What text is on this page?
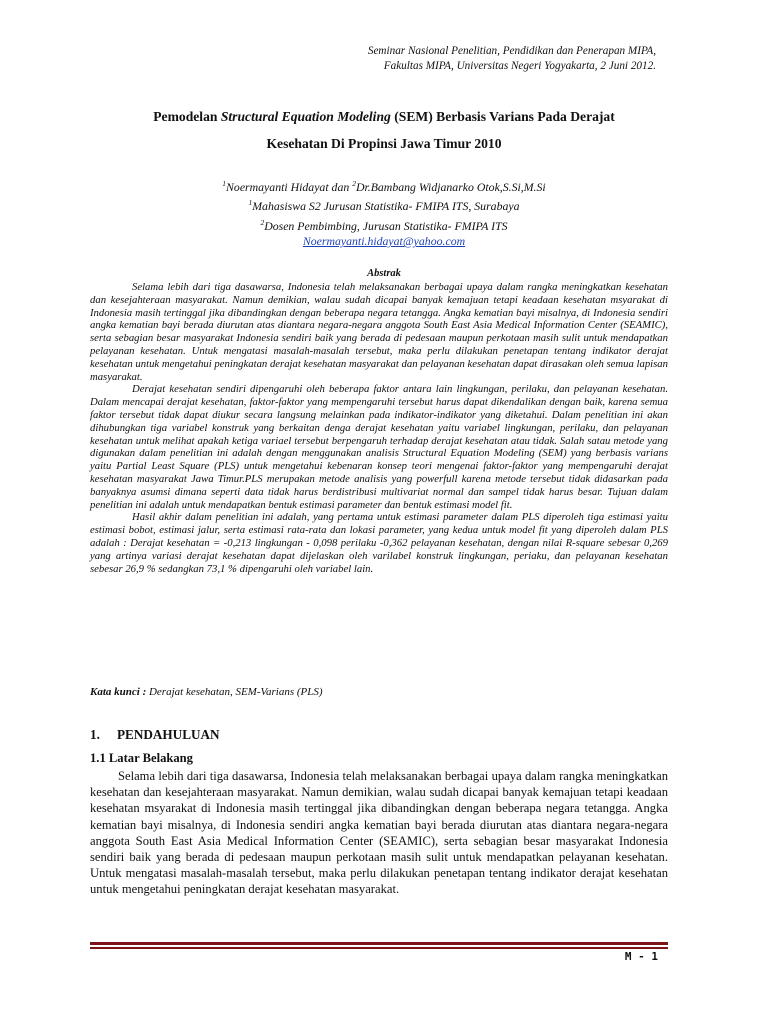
Seminar Nasional Penelitian, Pendidikan dan Penerapan MIPA,
Fakultas MIPA, Universitas Negeri Yogyakarta, 2 Juni 2012.
Pemodelan Structural Equation Modeling (SEM) Berbasis Varians Pada Derajat
Kesehatan Di Propinsi Jawa Timur 2010
$^1$Noermayanti Hidayat dan $^2$Dr.Bambang Widjanarko Otok,S.Si,M.Si
$^1$Mahasiswa S2 Jurusan Statistika- FMIPA ITS, Surabaya
$^2$Dosen Pembimbing, Jurusan Statistika- FMIPA ITS
Noermayanti.hidayat@yahoo.com
Abstrak

Selama lebih dari tiga dasawarsa, Indonesia telah melaksanakan berbagai upaya dalam rangka meningkatkan kesehatan dan kesejahteraan masyarakat. Namun demikian, walau sudah dicapai banyak kemajuan tetapi keadaan kesehatan msyarakat di Indonesia masih tertinggal jika dibandingkan dengan beberapa negara tetangga. Angka kematian bayi misalnya, di Indonesia sendiri angka kematian bayi berada diurutan atas diantara negara-negara anggota South East Asia Medical Information Center (SEAMIC), serta sebagian besar masyarakat Indonesia sendiri baik yang berada di pedesaan maupun perkotaan masih sulit untuk mendapatkan pelayanan kesehatan. Untuk mengatasi masalah-masalah tersebut, maka perlu dilakukan penetapan tentang indikator derajat kesehatan untuk mengetahui peningkatan derajat kesehatan masyarakat dan pelayanan kesehatan dapat dirasakan oleh semua lapisan masyarakat.

Derajat kesehatan sendiri dipengaruhi oleh beberapa faktor antara lain lingkungan, perilaku, dan pelayanan kesehatan. Dalam mencapai derajat kesehatan, faktor-faktor yang mempengaruhi tersebut harus dapat dikendalikan dengan baik, karena semua faktor tersebut tidak dapat diukur secara langsung melainkan pada indikator-indikator yang diketahui. Dalam penelitian ini akan dihubungkan tiga variabel konstruk yang berkaitan denga derajat kesehatan yaitu variabel lingkungan, perilaku, dan pelayanan kesehatan untuk melihat apakah ketiga variael tersebut berpengaruh terhadap derajat kesehatan atau tidak. Salah satau metode yang digunakan dalam penelitian ini adalah dengan menggunakan analisis Structural Equation Modeling (SEM) yang berbasis varians yaitu Partial Least Square (PLS) untuk mengetahui kebenaran konsep teori mengenai faktor-faktor yang mempengaruhi derajat kesehatan masyarakat Jawa Timur.PLS merupakan metode analisis yang powerfull karena metode tersebut tidak didasarkan pada banyaknya asumsi dimana seperti data tidak harus berdistribusi multivariat normal dan sampel tidak harus besar. Tujuan dalam penelitian ini adalah untuk mendapatkan bentuk estimasi parameter dan bentuk estimasi model fit.

Hasil akhir dalam penelitian ini adalah, yang pertama untuk estimasi parameter dalam PLS diperoleh tiga estimasi yaitu estimasi bobot, estimasi jalur, serta estimasi rata-rata dan lokasi parameter, yang kedua untuk model fit yang diperoleh dalam PLS adalah : Derajat kesehatan = -0,213 lingkungan - 0,098 perilaku -0,362 pelayanan kesehatan, dengan nilai R-square sebesar 0,269 yang artinya variasi derajat kesehatan dapat dijelaskan oleh varilabel konstruk lingkungan, periaku, dan pelayanan kesehatan sebesar 26,9 % sedangkan 73,1 % dipengaruhi oleh variabel lain.

Kata kunci : Derajat kesehatan, SEM-Varians (PLS)
1. PENDAHULUAN
1.1 Latar Belakang

Selama lebih dari tiga dasawarsa, Indonesia telah melaksanakan berbagai upaya dalam rangka meningkatkan kesehatan dan kesejahteraan masyarakat. Namun demikian, walau sudah dicapai banyak kemajuan tetapi keadaan kesehatan msyarakat di Indonesia masih tertinggal jika dibandingkan dengan beberapa negara tetangga. Angka kematian bayi misalnya, di Indonesia sendiri angka kematian bayi berada diurutan atas diantara negara-negara anggota South East Asia Medical Information Center (SEAMIC), serta sebagian besar masyarakat Indonesia sendiri baik yang berada di pedesaan maupun perkotaan masih sulit untuk mendapatkan pelayanan kesehatan. Untuk mengatasi masalah-masalah tersebut, maka perlu dilakukan penetapan tentang indikator derajat kesehatan untuk mengetahui peningkatan derajat kesehatan masyarakat.

M - 1
